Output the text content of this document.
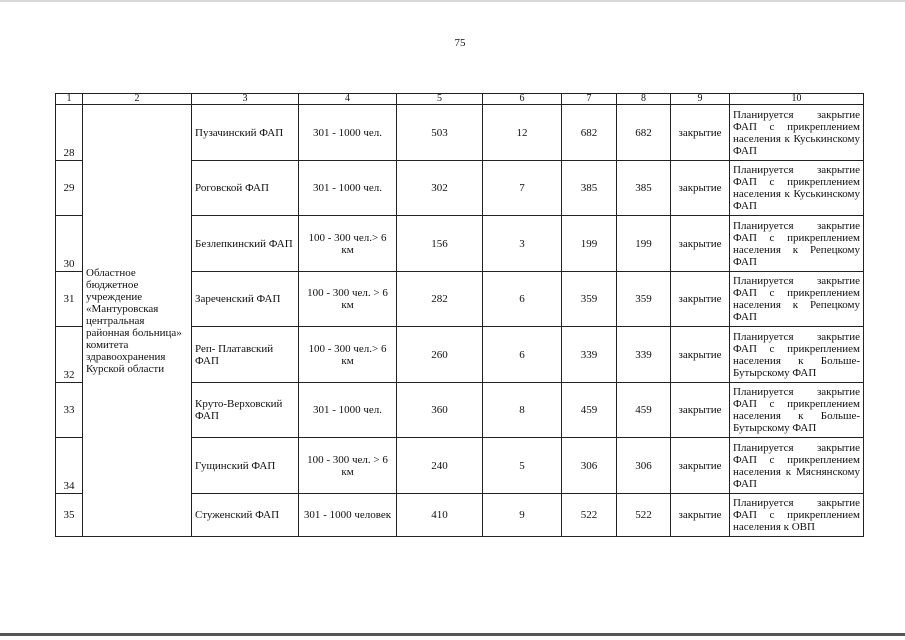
75
1	2	3	4	5	6	7	8	9	10
28	Областное бюджетное учреждение «Мантуровская центральная районная больница» комитета здравоохранения Курской области	Пузачинский ФАП	301 - 1000 чел.	503	12	682	682	закрытие	Планируется закрытие ФАП с прикреплением населения к Куськинскому ФАП
29		Роговской ФАП	301 - 1000 чел.	302	7	385	385	закрытие	Планируется закрытие ФАП с прикреплением населения к Куськинскому ФАП
30		Безлепкинский ФАП	100 - 300 чел.> 6 км	156	3	199	199	закрытие	Планируется закрытие ФАП с прикреплением населения к Репецкому ФАП
31		Зареченский ФАП	100 - 300 чел. > 6 км	282	6	359	359	закрытие	Планируется закрытие ФАП с прикреплением населения к Репецкому ФАП
32		Реп- Платавский ФАП	100 - 300 чел.> 6 км	260	6	339	339	закрытие	Планируется закрытие ФАП с прикреплением населения к Больше-Бутырскому ФАП
33		Круто-Верховский ФАП	301 - 1000 чел.	360	8	459	459	закрытие	Планируется закрытие ФАП с прикреплением населения к Больше-Бутырскому ФАП
34		Гущинский ФАП	100 - 300 чел. > 6 км	240	5	306	306	закрытие	Планируется закрытие ФАП с прикреплением населения к Мяснянскому ФАП
35		Стуженский ФАП	301 - 1000 человек	410	9	522	522	закрытие	Планируется закрытие ФАП с прикреплением населения к ОВП
